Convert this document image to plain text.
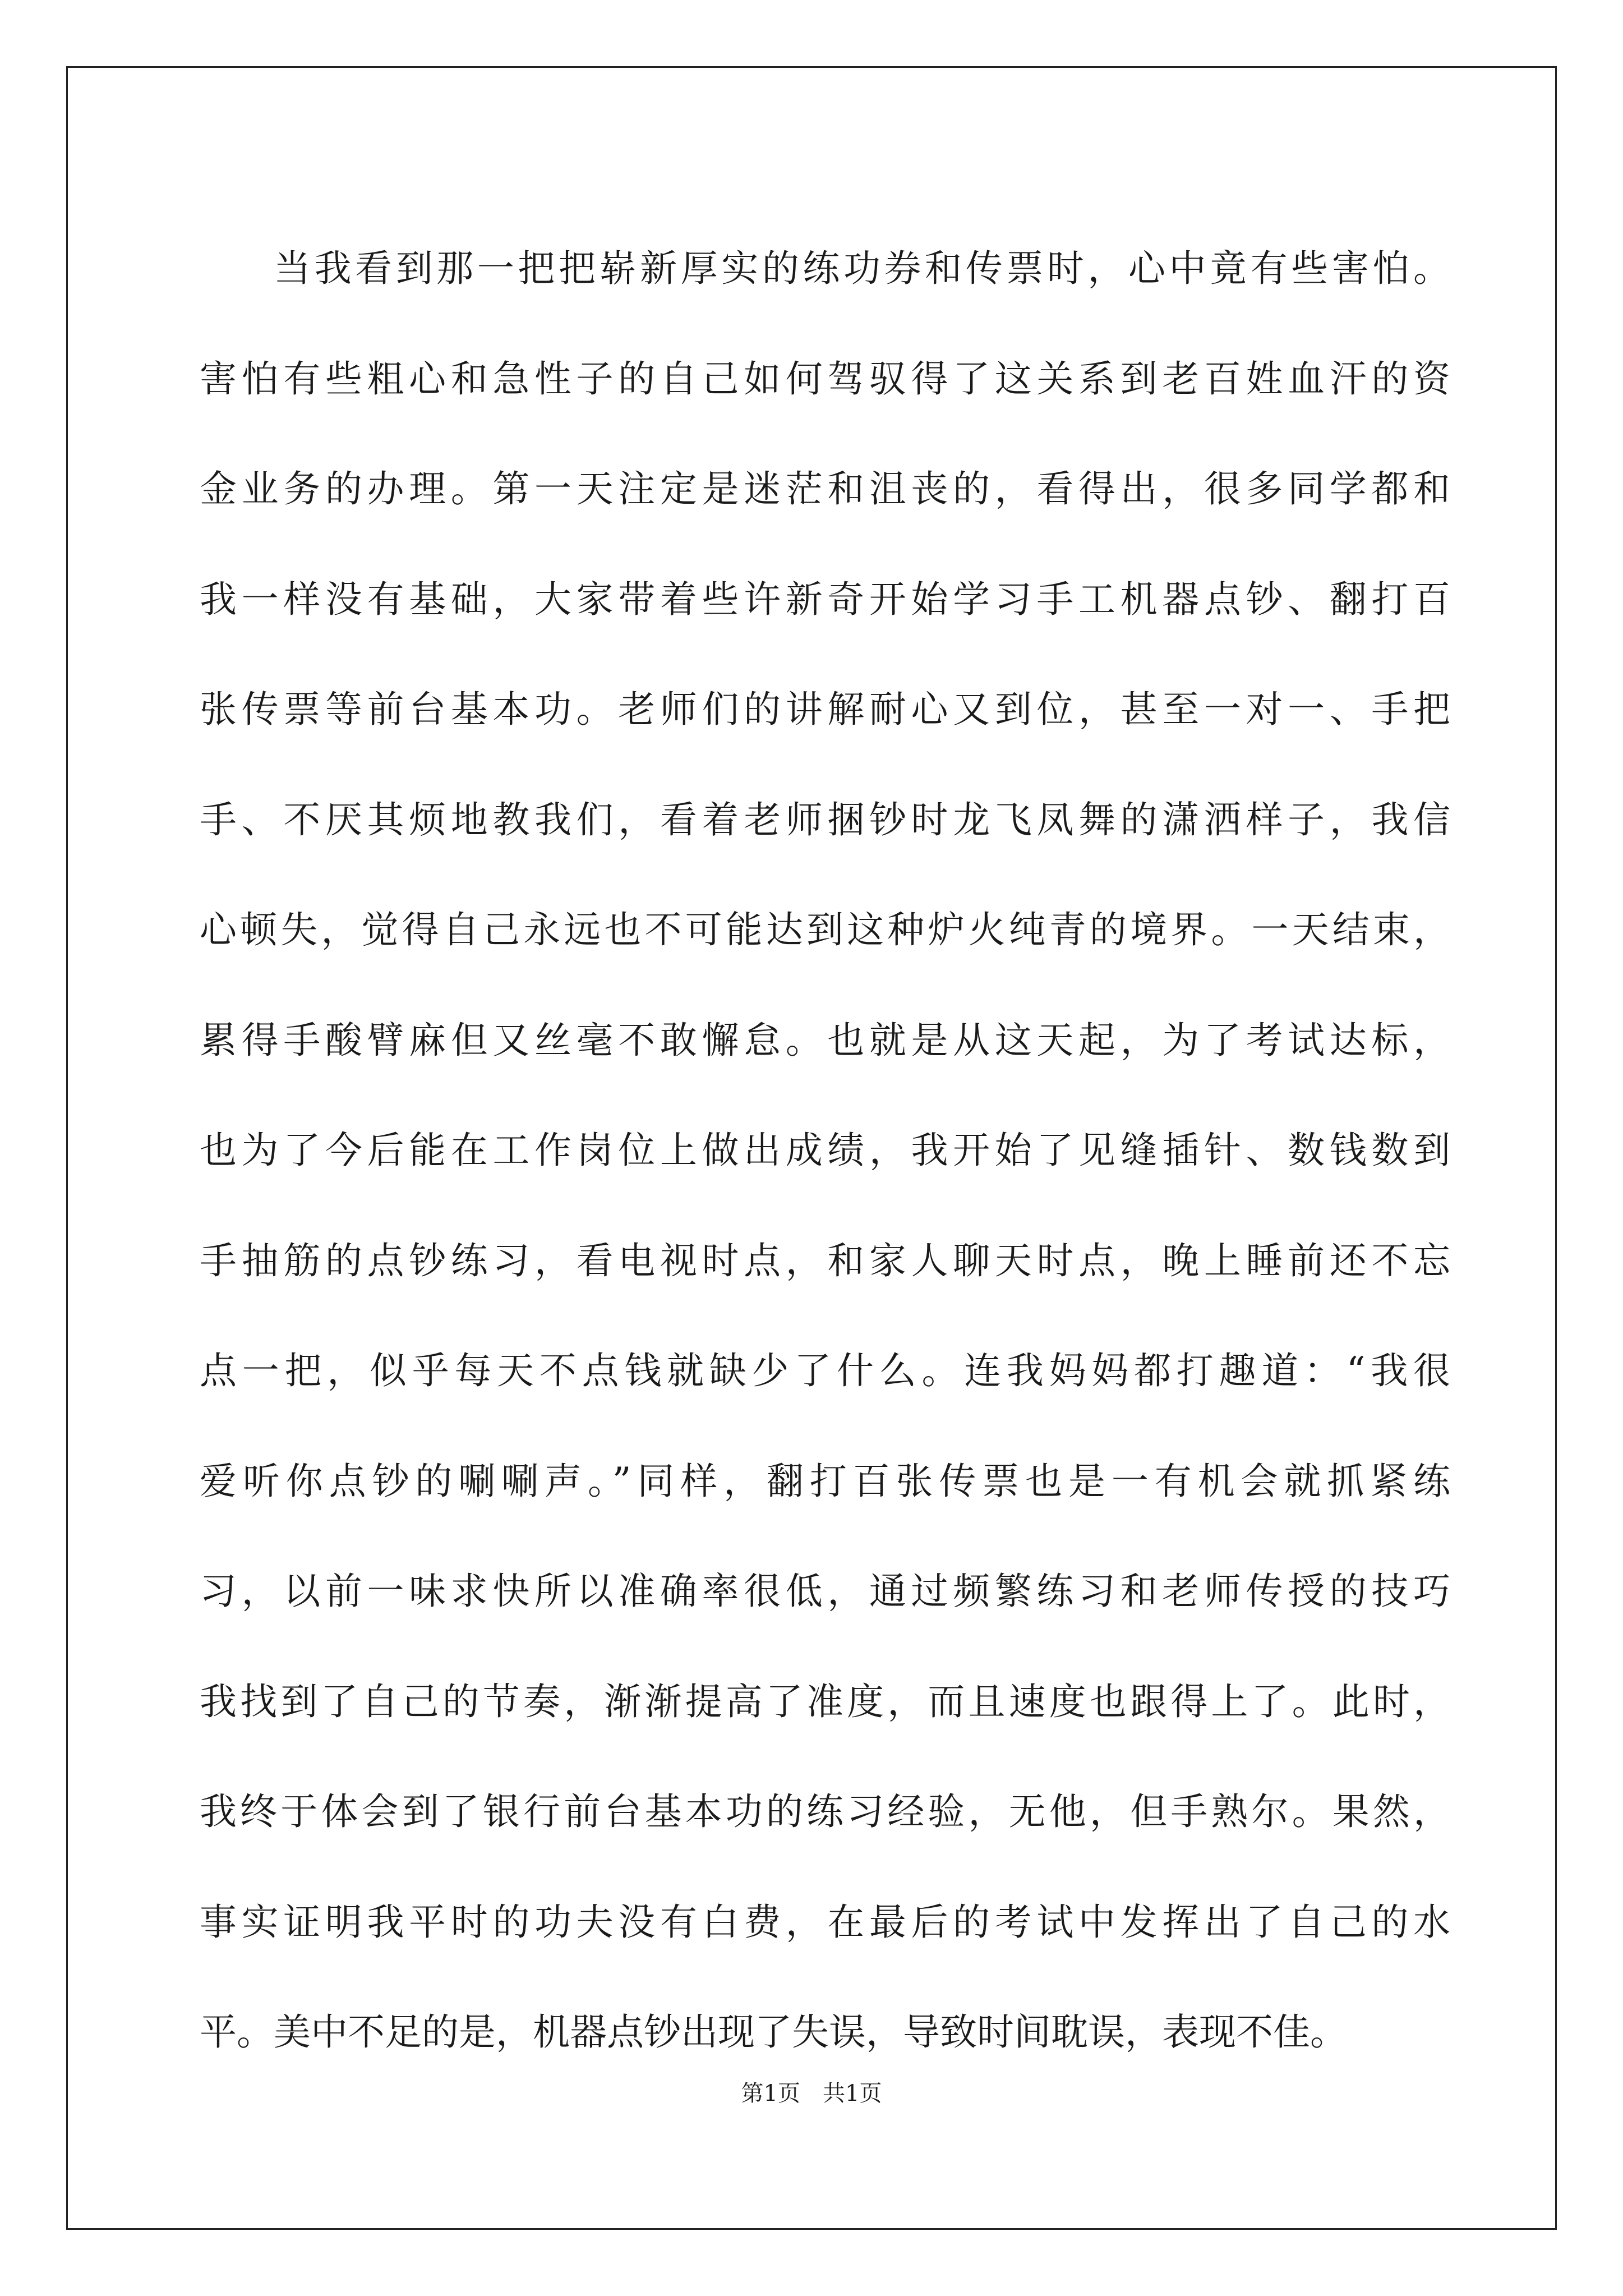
当我看到那一把把崭新厚实的练功券和传票时，心中竟有些害怕。
害怕有些粗心和急性子的自己如何驾驭得了这关系到老百姓血汗的资
金业务的办理。第一天注定是迷茫和沮丧的，看得出，很多同学都和
我一样没有基础，大家带着些许新奇开始学习手工机器点钞、翻打百
张传票等前台基本功。老师们的讲解耐心又到位，甚至一对一、手把
手、不厌其烦地教我们，看着老师捆钞时龙飞凤舞的潇洒样子，我信
心顿失，觉得自己永远也不可能达到这种炉火纯青的境界。一天结束，
累得手酸臂麻但又丝毫不敢懈怠。也就是从这天起，为了考试达标，
也为了今后能在工作岗位上做出成绩，我开始了见缝插针、数钱数到
手抽筋的点钞练习，看电视时点，和家人聊天时点，晚上睡前还不忘
点一把，似乎每天不点钱就缺少了什么。连我妈妈都打趣道：“我很
爱听你点钞的唰唰声。”同样，翻打百张传票也是一有机会就抓紧练
习，以前一味求快所以准确率很低，通过频繁练习和老师传授的技巧
我找到了自己的节奏，渐渐提高了准度，而且速度也跟得上了。此时，
我终于体会到了银行前台基本功的练习经验，无他，但手熟尔。果然，
事实证明我平时的功夫没有白费，在最后的考试中发挥出了自己的水
平。美中不足的是，机器点钞出现了失误，导致时间耽误，表现不佳。
第1页　共1页
